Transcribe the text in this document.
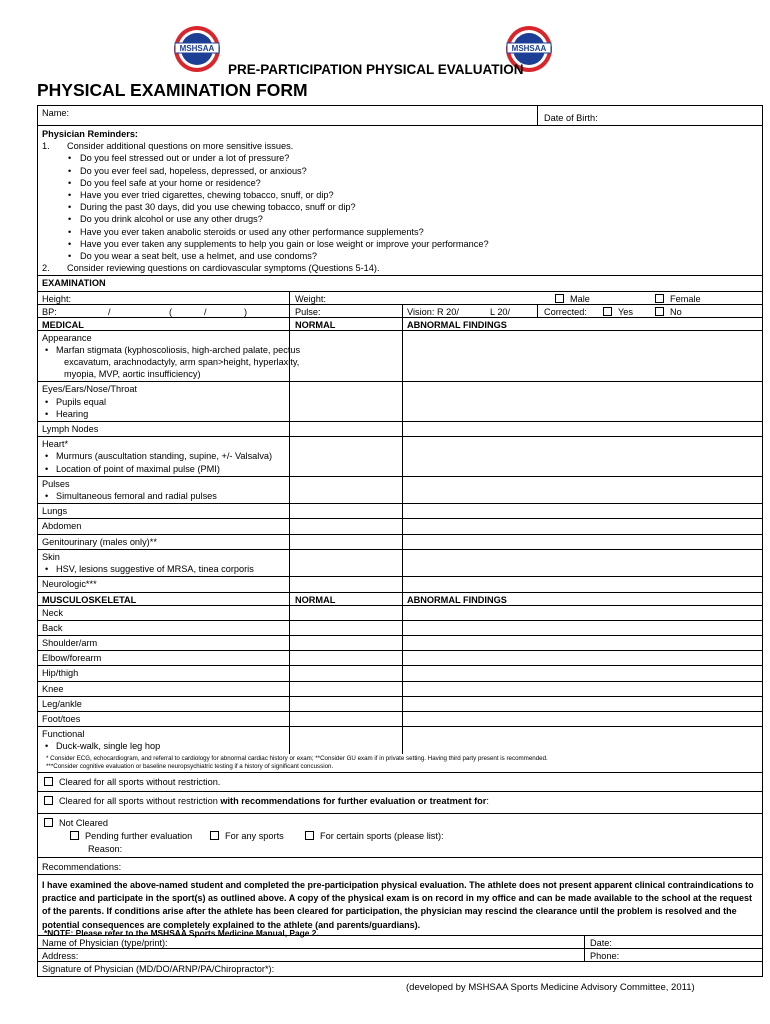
MSHSAA	MSHSAA
PRE-PARTICIPATION PHYSICAL EVALUATION
PHYSICAL EXAMINATION FORM
Name:	Date of Birth:
Physician Reminders:
1.	Consider additional questions on more sensitive issues.
• Do you feel stressed out or under a lot of pressure?
• Do you ever feel sad, hopeless, depressed, or anxious?
• Do you feel safe at your home or residence?
• Have you ever tried cigarettes, chewing tobacco, snuff, or dip?
• During the past 30 days, did you use chewing tobacco, snuff or dip?
• Do you drink alcohol or use any other drugs?
• Have you ever taken anabolic steroids or used any other performance supplements?
• Have you ever taken any supplements to help you gain or lose weight or improve your performance?
• Do you wear a seat belt, use a helmet, and use condoms?
2.	Consider reviewing questions on cardiovascular symptoms (Questions 5-14).
EXAMINATION
Height:	Weight:	Male	Female
BP:	/	(	/	)	Pulse:	Vision: R 20/	L 20/	Corrected:	Yes	No
MEDICAL	NORMAL	ABNORMAL FINDINGS
Appearance
• Marfan stigmata (kyphoscoliosis, high-arched palate, pectus
excavatum, arachnodactyly, arm span>height, hyperlaxity,
myopia, MVP, aortic insufficiency)
Eyes/Ears/Nose/Throat
• Pupils equal
• Hearing
Lymph Nodes
Heart*
• Murmurs (auscultation standing, supine, +/- Valsalva)
• Location of point of maximal pulse (PMI)
Pulses
• Simultaneous femoral and radial pulses
Lungs
Abdomen
Genitourinary (males only)**
Skin
• HSV, lesions suggestive of MRSA, tinea corporis
Neurologic***
MUSCULOSKELETAL	NORMAL	ABNORMAL FINDINGS
Neck
Back
Shoulder/arm
Elbow/forearm
Hip/thigh
Knee
Leg/ankle
Foot/toes
Functional
• Duck-walk, single leg hop
* Consider ECG, echocardiogram, and referral to cardiology for abnormal cardiac history or exam; **Consider GU exam if in private setting. Having third party present is recommended.
***Consider cognitive evaluation or baseline neuropsychiatric testing if a history of significant concussion.
Cleared for all sports without restriction.
Cleared for all sports without restriction with recommendations for further evaluation or treatment for:
Not Cleared
Pending further evaluation	For any sports	For certain sports (please list):
Reason:
Recommendations:
I have examined the above-named student and completed the pre-participation physical evaluation. The athlete does not present apparent clinical contraindications to practice and participate in the sport(s) as outlined above. A copy of the physical exam is on record in my office and can be made available to the school at the request of the parents. If conditions arise after the athlete has been cleared for participation, the physician may rescind the clearance until the problem is resolved and the potential consequences are completely explained to the athlete (and parents/guardians).
Name of Physician (type/print):	Date:
Address:	Phone:
Signature of Physician (MD/DO/ARNP/PA/Chiropractor*):
*NOTE: Please refer to the MSHSAA Sports Medicine Manual, Page 2.
(developed by MSHSAA Sports Medicine Advisory Committee, 2011)
